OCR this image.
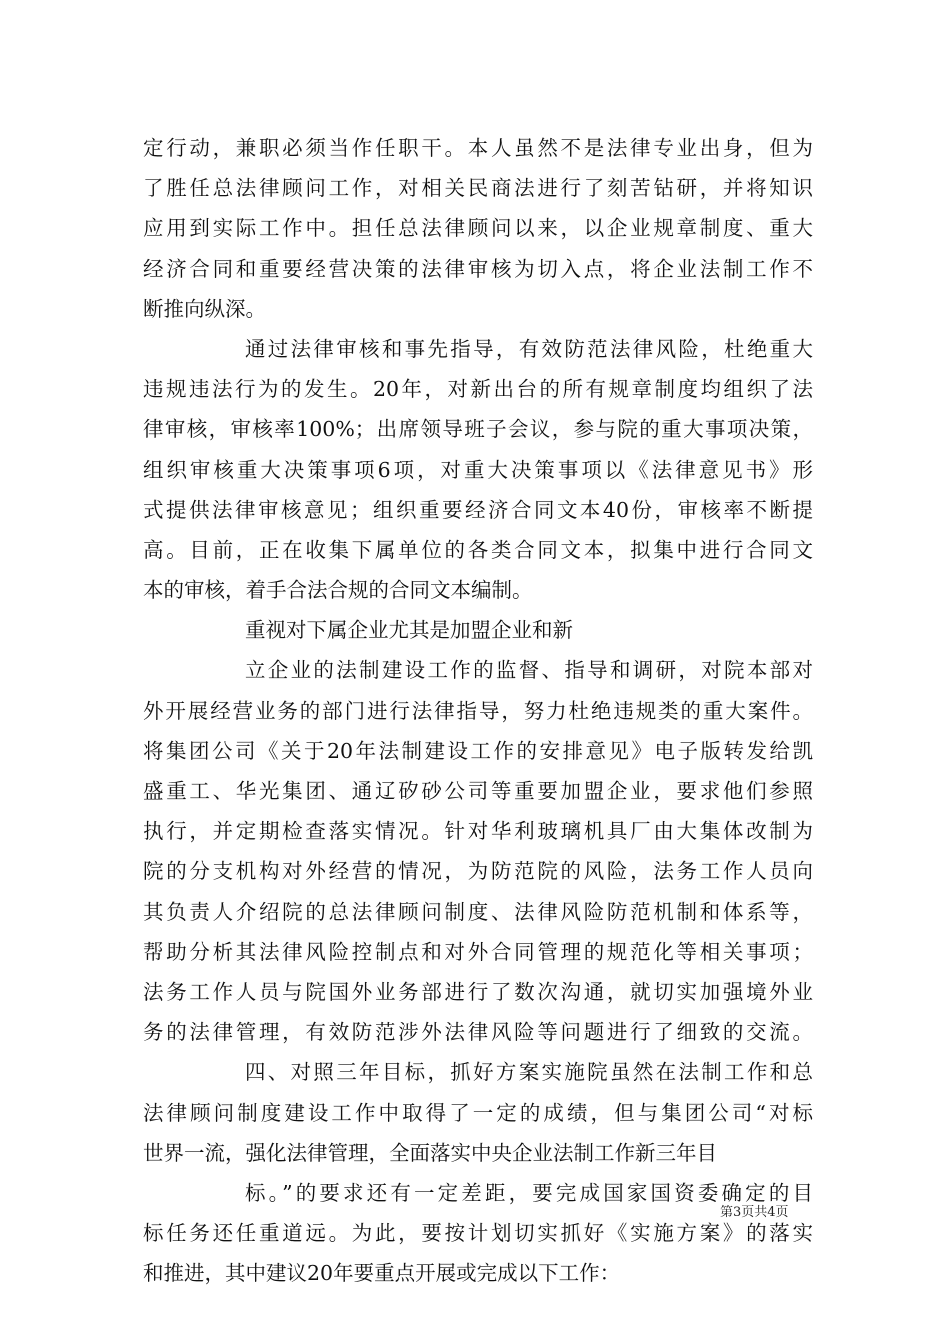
定行动，兼职必须当作任职干。本人虽然不是法律专业出身，但为
了胜任总法律顾问工作，对相关民商法进行了刻苦钻研，并将知识
应用到实际工作中。担任总法律顾问以来，以企业规章制度、重大
经济合同和重要经营决策的法律审核为切入点，将企业法制工作不
断推向纵深。

通过法律审核和事先指导，有效防范法律风险，杜绝重大
违规违法行为的发生。20年，对新出台的所有规章制度均组织了法
律审核，审核率100%；出席领导班子会议，参与院的重大事项决策，
组织审核重大决策事项6项，对重大决策事项以《法律意见书》形
式提供法律审核意见；组织重要经济合同文本40份，审核率不断提
高。目前，正在收集下属单位的各类合同文本，拟集中进行合同文
本的审核，着手合法合规的合同文本编制。

重视对下属企业尤其是加盟企业和新

立企业的法制建设工作的监督、指导和调研，对院本部对
外开展经营业务的部门进行法律指导，努力杜绝违规类的重大案件。
将集团公司《关于20年法制建设工作的安排意见》电子版转发给凯
盛重工、华光集团、通辽矽砂公司等重要加盟企业，要求他们参照
执行，并定期检查落实情况。针对华利玻璃机具厂由大集体改制为
院的分支机构对外经营的情况，为防范院的风险，法务工作人员向
其负责人介绍院的总法律顾问制度、法律风险防范机制和体系等，
帮助分析其法律风险控制点和对外合同管理的规范化等相关事项；
法务工作人员与院国外业务部进行了数次沟通，就切实加强境外业
务的法律管理，有效防范涉外法律风险等问题进行了细致的交流。

四、对照三年目标，抓好方案实施院虽然在法制工作和总
法律顾问制度建设工作中取得了一定的成绩，但与集团公司“对标
世界一流，强化法律管理，全面落实中央企业法制工作新三年目

标。”的要求还有一定差距，要完成国家国资委确定的目
标任务还任重道远。为此，要按计划切实抓好《实施方案》的落实
和推进，其中建议20年要重点开展或完成以下工作：

第3页共4页
